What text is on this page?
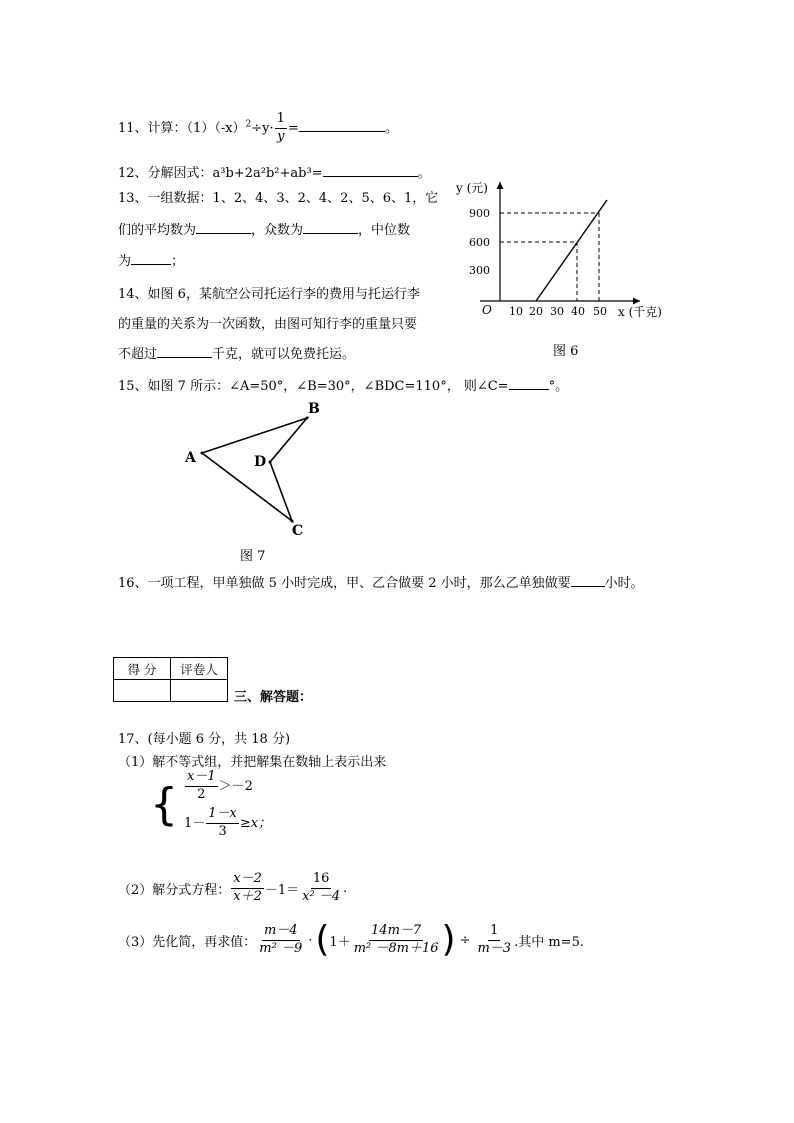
11、计算：$(1)(-x)^2\div y\cdot \frac{1}{y}$ =	。
12、分解因式：a³b+2a²b²+ab³=	。
13、一组数据：1、2、4、3、2、4、2、5、6、1，它
们的平均数为	，众数为	，中位数
为	；
14、如图 6，某航空公司托运行李的费用与托运行李
的重量的关系为一次函数，由图可知行李的重量只要
不超过	千克，就可以免费托运。
y (元)
x (千克)
O
300
600
900
10 20 30 40 50
图 6
15、如图 7 所示：∠A=50°，∠B=30°，∠BDC=110°， 则∠C=	°。
A
B
C
D
图 7
16、一项工程，甲单独做 5 小时完成，甲、乙合做要 2 小时，那么乙单独做要	小时。
得 分	评卷人

三、解答题：
17、(每小题 6 分，共 18 分)
（1）解不等式组，并把解集在数轴上表示出来
{ $\frac{x-1}{2} >-2$
$1- \frac{1-x}{3} \ge x$；
（2）解分式方程： $\frac{x-2}{x+2} -1= \frac{16}{\text{x² －4}}$ .
（3）先化简，再求值： $\frac{m-4}{\text{m² －9}}$ · ( $1+ \frac{14m-7}{\text{m² －8m＋16}}$ ) ÷ $\frac{1}{m-3}$ .其中 m=5.
